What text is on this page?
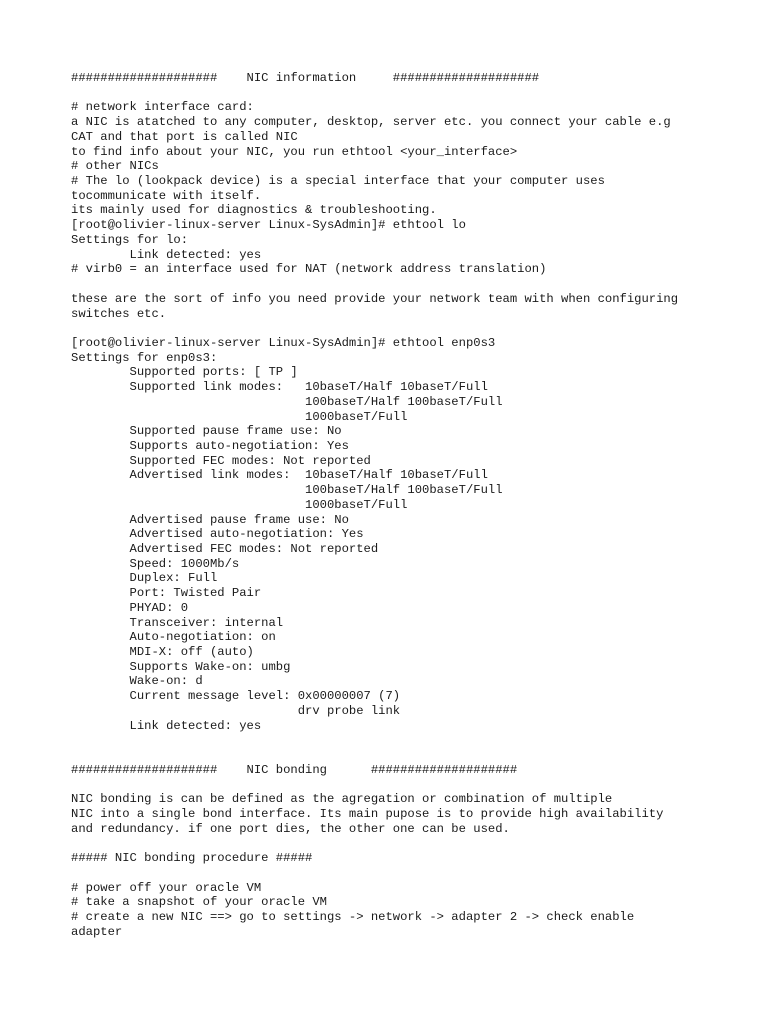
####################    NIC information     ####################
# network interface card:
a NIC is atatched to any computer, desktop, server etc. you connect your cable e.g
CAT and that port is called NIC
to find info about your NIC, you run ethtool <your_interface>
# other NICs
# The lo (lookpack device) is a special interface that your computer uses
tocommunicate with itself.
its mainly used for diagnostics & troubleshooting.
[root@olivier-linux-server Linux-SysAdmin]# ethtool lo
Settings for lo:
Link detected: yes
# virb0 = an interface used for NAT (network address translation)
these are the sort of info you need provide your network team with when configuring
switches etc.
[root@olivier-linux-server Linux-SysAdmin]# ethtool enp0s3
Settings for enp0s3:
Supported ports: [ TP ]
Supported link modes:   10baseT/Half 10baseT/Full
100baseT/Half 100baseT/Full
1000baseT/Full
Supported pause frame use: No
Supports auto-negotiation: Yes
Supported FEC modes: Not reported
Advertised link modes:  10baseT/Half 10baseT/Full
100baseT/Half 100baseT/Full
1000baseT/Full
Advertised pause frame use: No
Advertised auto-negotiation: Yes
Advertised FEC modes: Not reported
Speed: 1000Mb/s
Duplex: Full
Port: Twisted Pair
PHYAD: 0
Transceiver: internal
Auto-negotiation: on
MDI-X: off (auto)
Supports Wake-on: umbg
Wake-on: d
Current message level: 0x00000007 (7)
drv probe link
Link detected: yes
####################    NIC bonding      ####################
NIC bonding is can be defined as the agregation or combination of multiple
NIC into a single bond interface. Its main pupose is to provide high availability
and redundancy. if one port dies, the other one can be used.
##### NIC bonding procedure #####
# power off your oracle VM
# take a snapshot of your oracle VM
# create a new NIC ==> go to settings -> network -> adapter 2 -> check enable
adapter
